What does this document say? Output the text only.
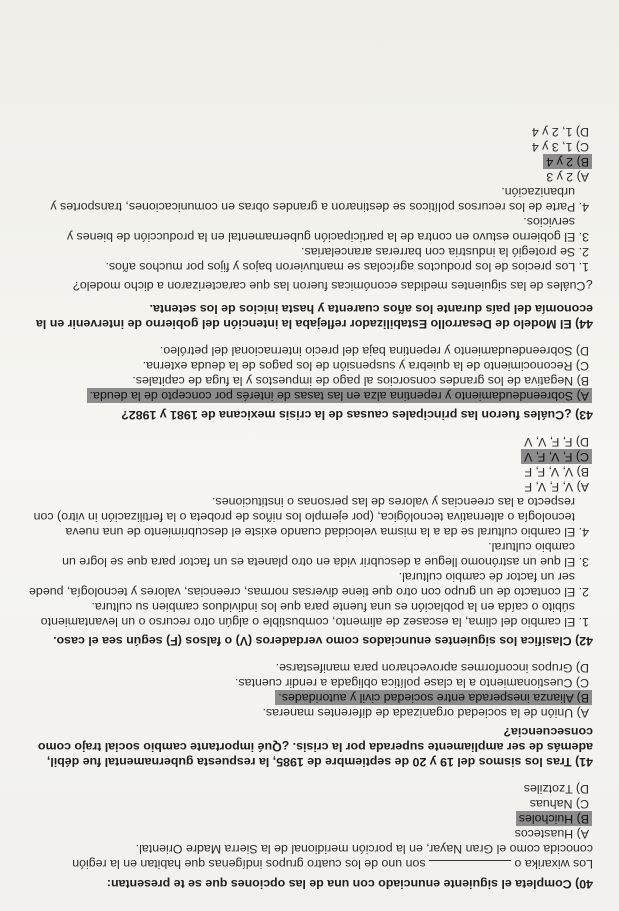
40) Completa el siguiente enunciado con una de las opciones que se te presentan:
Los wixarika o  son uno de los cuatro grupos indígenas que habitan en la región conocida como el Gran Nayar, en la porción meridional de la Sierra Madre Oriental.
A) Huastecos
B) Huicholes

C) Nahuas
D) Tzotziles
41) Tras los sismos del 19 y 20 de septiembre de 1985, la respuesta gubernamental fue débil, además de ser ampliamente superada por la crisis. ¿Qué importante cambio social trajo como consecuencia?
A) Unión de la sociedad organizada de diferentes maneras.
B) Alianza inesperada entre sociedad civil y autoridades.

C) Cuestionamiento a la clase política obligada a rendir cuentas.
D) Grupos inconformes aprovecharon para manifestarse.
42) Clasifica los siguientes enunciados como verdaderos (V) o falsos (F) según sea el caso.
1. El cambio del clima, la escasez de alimento, combustible o algún otro recurso o un levantamiento súbito o caída en la población es una fuente para que los individuos cambien su cultura.
2. El contacto de un grupo con otro que tiene diversas normas, creencias, valores y tecnología, puede ser un factor de cambio cultural.
3. El que un astrónomo llegue a descubrir vida en otro planeta es un factor para que se logre un cambio cultural.
4. El cambio cultural se da a la misma velocidad cuando existe el descubrimiento de una nueva tecnología o alternativa tecnológica, (por ejemplo los niños de probeta o la fertilización in vitro) con respecto a las creencias y valores de las personas o instituciones.
A) V, F, V, F
B) V, V, F, F
C) F, V, F, V

D) F, F, V, V
43) ¿Cuáles fueron las principales causas de la crisis mexicana de 1981 y 1982?
A) Sobreendeudamiento y repentina alza en las tasas de interés por concepto de la deuda.

B) Negativa de los grandes consorcios al pago de impuestos y la fuga de capitales.
C) Reconocimiento de la quiebra y suspensión de los pagos de la deuda externa.
D) Sobreendeudamiento y repentina baja del precio internacional del petróleo.
44) El Modelo de Desarrollo Estabilizador reflejaba la intención del gobierno de intervenir en la economía del país durante los años cuarenta y hasta inicios de los setenta.
¿Cuáles de las siguientes medidas económicas fueron las que caracterizaron a dicho modelo?
1. Los precios de los productos agrícolas se mantuvieron bajos y fijos por muchos años.
2. Se protegió la industria con barreras arancelarias.
3. El gobierno estuvo en contra de la participación gubernamental en la producción de bienes y servicios.
4. Parte de los recursos políticos se destinaron a grandes obras en comunicaciones, transportes y urbanización.
A) 2 y 3
B) 2 y 4

C) 1, 3 y 4
D) 1, 2 y 4
